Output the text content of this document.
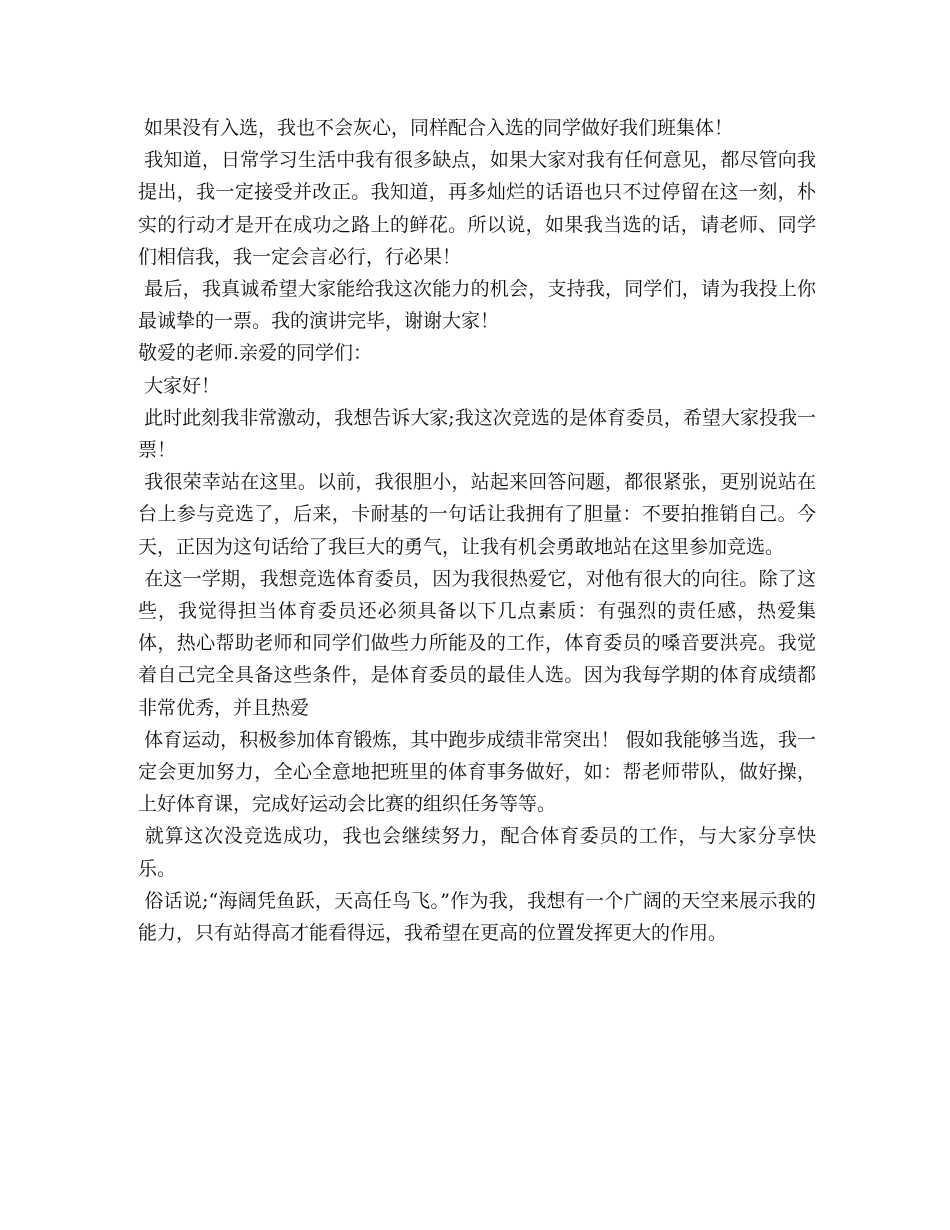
如果没有入选，我也不会灰心，同样配合入选的同学做好我们班集体！

我知道，日常学习生活中我有很多缺点，如果大家对我有任何意见，都尽管向我提出，我一定接受并改正。我知道，再多灿烂的话语也只不过停留在这一刻，朴实的行动才是开在成功之路上的鲜花。所以说，如果我当选的话，请老师、同学们相信我，我一定会言必行，行必果！

最后，我真诚希望大家能给我这次能力的机会，支持我，同学们，请为我投上你最诚挚的一票。我的演讲完毕，谢谢大家！

敬爱的老师.亲爱的同学们：

大家好！

此时此刻我非常激动，我想告诉大家;我这次竞选的是体育委员，希望大家投我一票！

我很荣幸站在这里。以前，我很胆小，站起来回答问题，都很紧张，更别说站在台上参与竞选了，后来，卡耐基的一句话让我拥有了胆量：不要拍推销自己。今天，正因为这句话给了我巨大的勇气，让我有机会勇敢地站在这里参加竞选。

在这一学期，我想竞选体育委员，因为我很热爱它，对他有很大的向往。除了这些，我觉得担当体育委员还必须具备以下几点素质：有强烈的责任感，热爱集体，热心帮助老师和同学们做些力所能及的工作，体育委员的嗓音要洪亮。我觉着自己完全具备这些条件，是体育委员的最佳人选。因为我每学期的体育成绩都非常优秀，并且热爱

体育运动，积极参加体育锻炼，其中跑步成绩非常突出！ 假如我能够当选，我一定会更加努力，全心全意地把班里的体育事务做好，如：帮老师带队，做好操，上好体育课，完成好运动会比赛的组织任务等等。

就算这次没竞选成功，我也会继续努力，配合体育委员的工作，与大家分享快乐。

俗话说;“海阔凭鱼跃，天高任鸟飞。”作为我，我想有一个广阔的天空来展示我的能力，只有站得高才能看得远，我希望在更高的位置发挥更大的作用。
